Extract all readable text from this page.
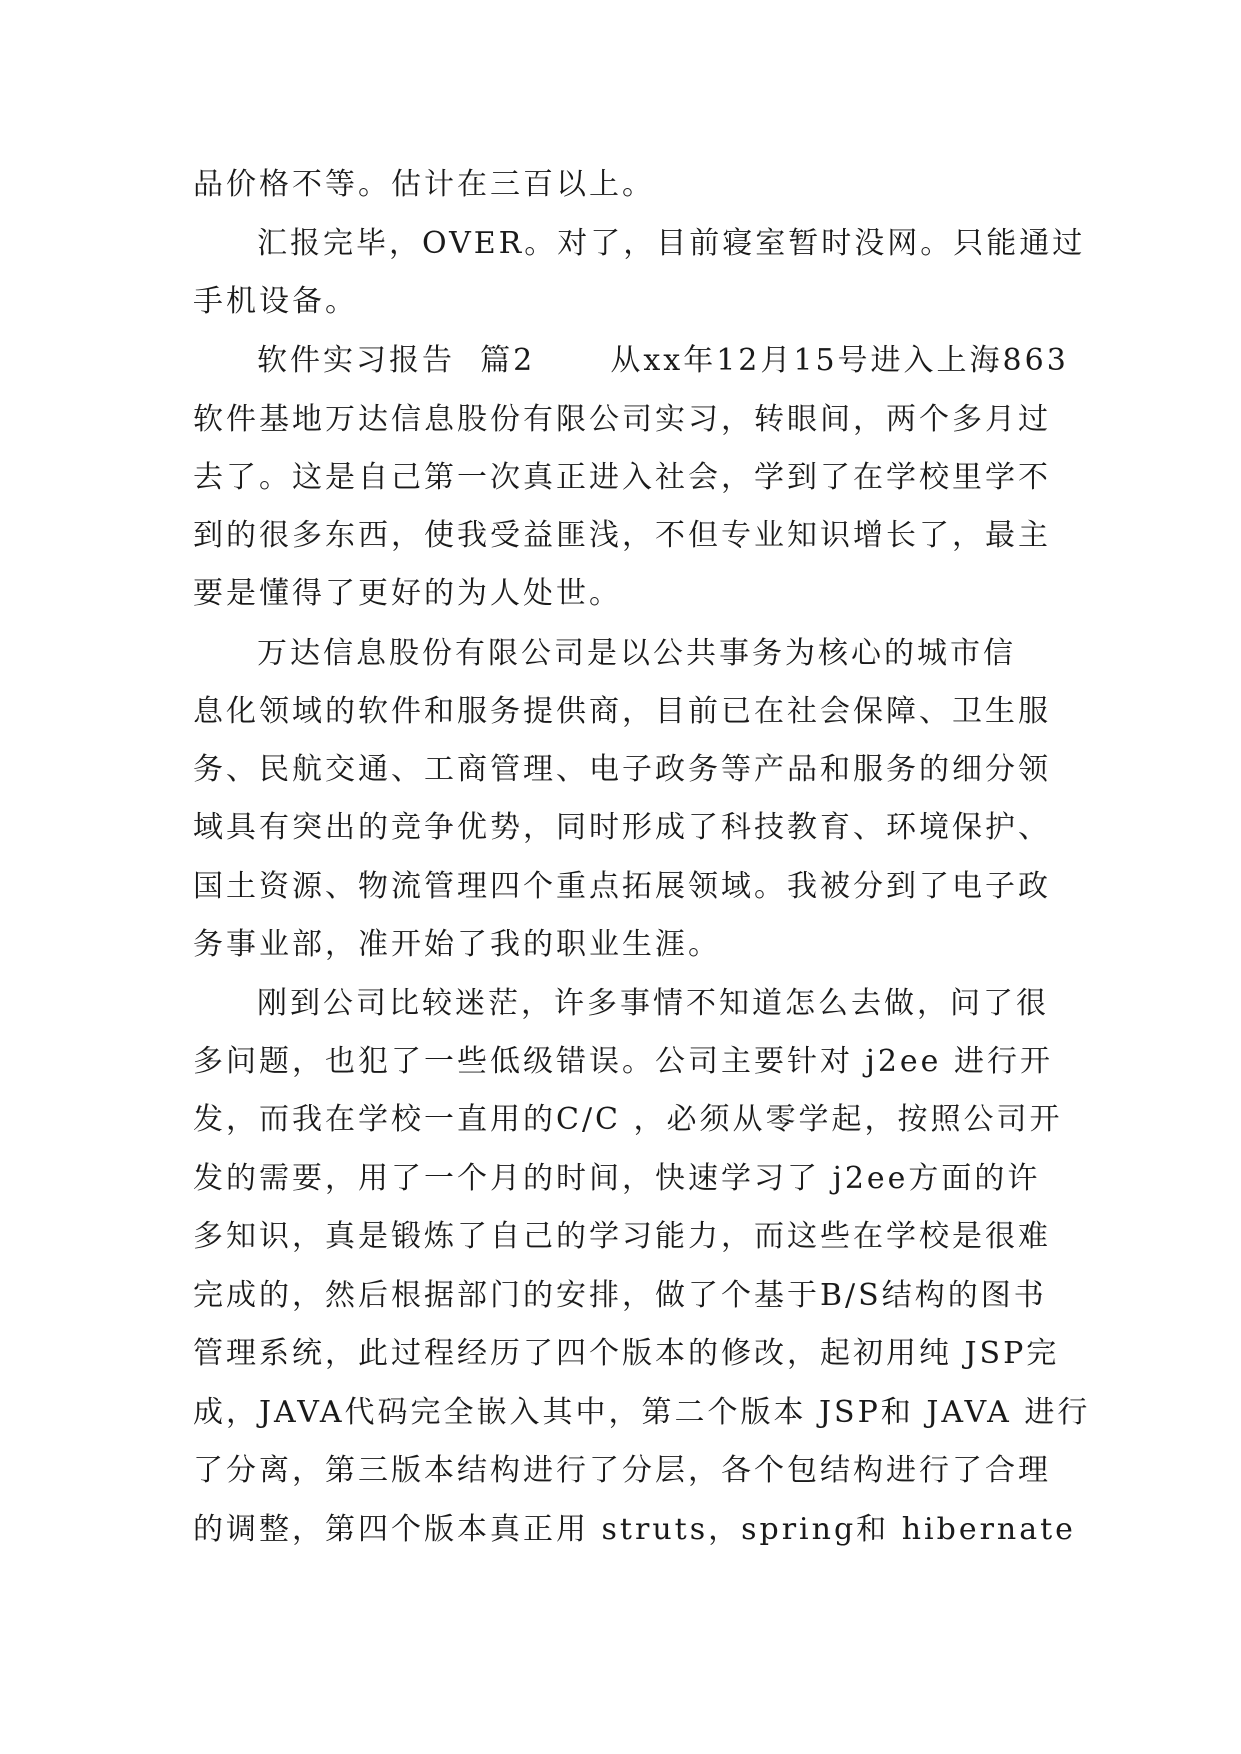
品价格不等。估计在三百以上。
汇报完毕，OVER。对了，目前寝室暂时没网。只能通过
手机设备。
软件实习报告  篇2      从xx年12月15号进入上海863
软件基地万达信息股份有限公司实习，转眼间，两个多月过
去了。这是自己第一次真正进入社会，学到了在学校里学不
到的很多东西，使我受益匪浅，不但专业知识增长了，最主
要是懂得了更好的为人处世。
万达信息股份有限公司是以公共事务为核心的城市信
息化领域的软件和服务提供商，目前已在社会保障、卫生服
务、民航交通、工商管理、电子政务等产品和服务的细分领
域具有突出的竞争优势，同时形成了科技教育、环境保护、
国土资源、物流管理四个重点拓展领域。我被分到了电子政
务事业部，准开始了我的职业生涯。
刚到公司比较迷茫，许多事情不知道怎么去做，问了很
多问题，也犯了一些低级错误。公司主要针对 j2ee 进行开
发，而我在学校一直用的C/C ，必须从零学起，按照公司开
发的需要，用了一个月的时间，快速学习了 j2ee方面的许
多知识，真是锻炼了自己的学习能力，而这些在学校是很难
完成的，然后根据部门的安排，做了个基于B/S结构的图书
管理系统，此过程经历了四个版本的修改，起初用纯 JSP完
成，JAVA代码完全嵌入其中，第二个版本 JSP和 JAVA 进行
了分离，第三版本结构进行了分层，各个包结构进行了合理
的调整，第四个版本真正用 struts，spring和 hibernate
